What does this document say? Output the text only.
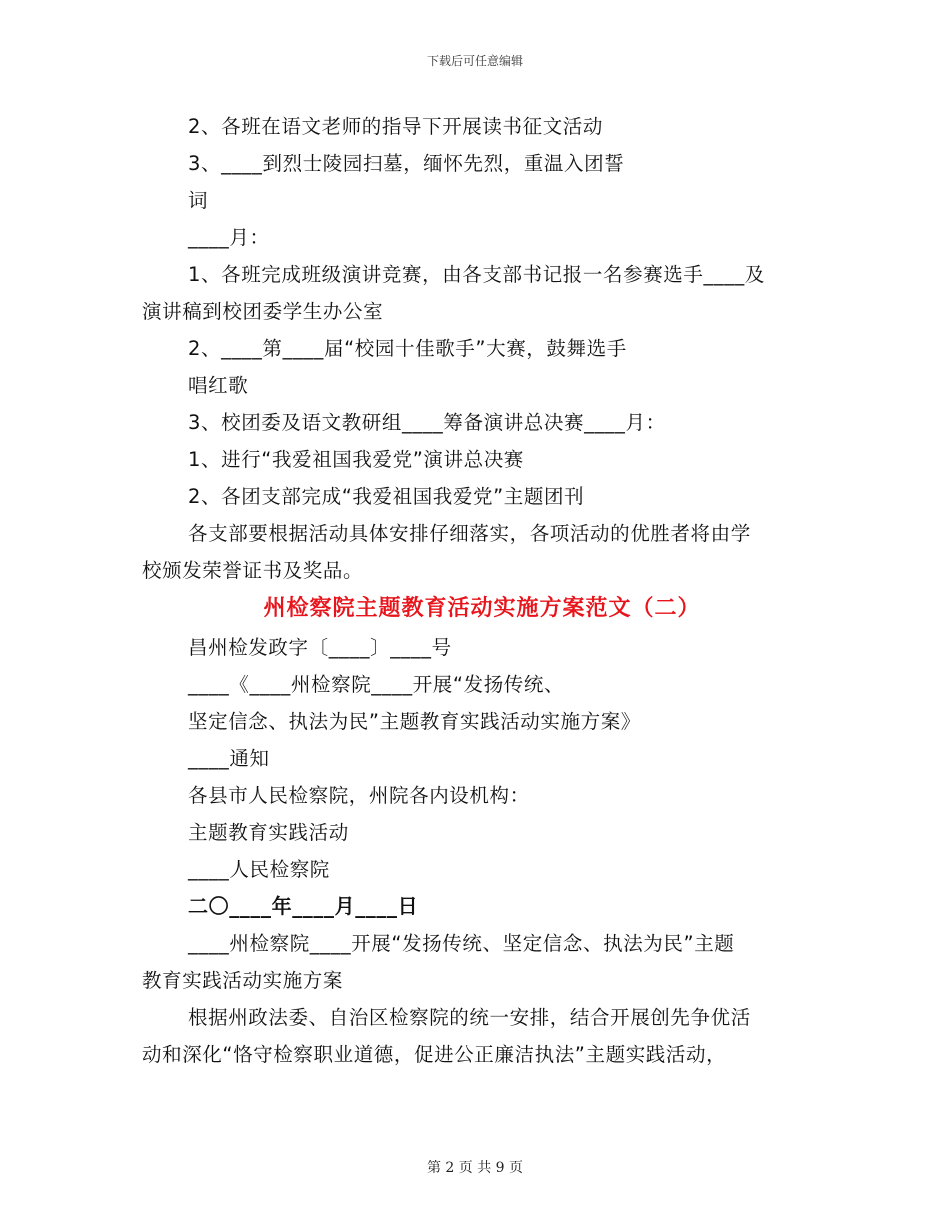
下载后可任意编辑
2、各班在语文老师的指导下开展读书征文活动
3、____到烈士陵园扫墓，缅怀先烈，重温入团誓
词
____月：
1、各班完成班级演讲竞赛，由各支部书记报一名参赛选手____及
演讲稿到校团委学生办公室
2、____第____届“校园十佳歌手”大赛，鼓舞选手
唱红歌
3、校团委及语文教研组____筹备演讲总决赛____月：
1、进行“我爱祖国我爱党”演讲总决赛
2、各团支部完成“我爱祖国我爱党”主题团刊
各支部要根据活动具体安排仔细落实，各项活动的优胜者将由学
校颁发荣誉证书及奖品。
州检察院主题教育活动实施方案范文（二）
昌州检发政字〔____〕____号
____《____州检察院____开展“发扬传统、
坚定信念、执法为民”主题教育实践活动实施方案》
____通知
各县市人民检察院，州院各内设机构：
主题教育实践活动
____人民检察院
二〇____年____月____日
____州检察院____开展“发扬传统、坚定信念、执法为民”主题
教育实践活动实施方案
根据州政法委、自治区检察院的统一安排，结合开展创先争优活
动和深化“恪守检察职业道德，促进公正廉洁执法”主题实践活动，
第 2 页 共 9 页
